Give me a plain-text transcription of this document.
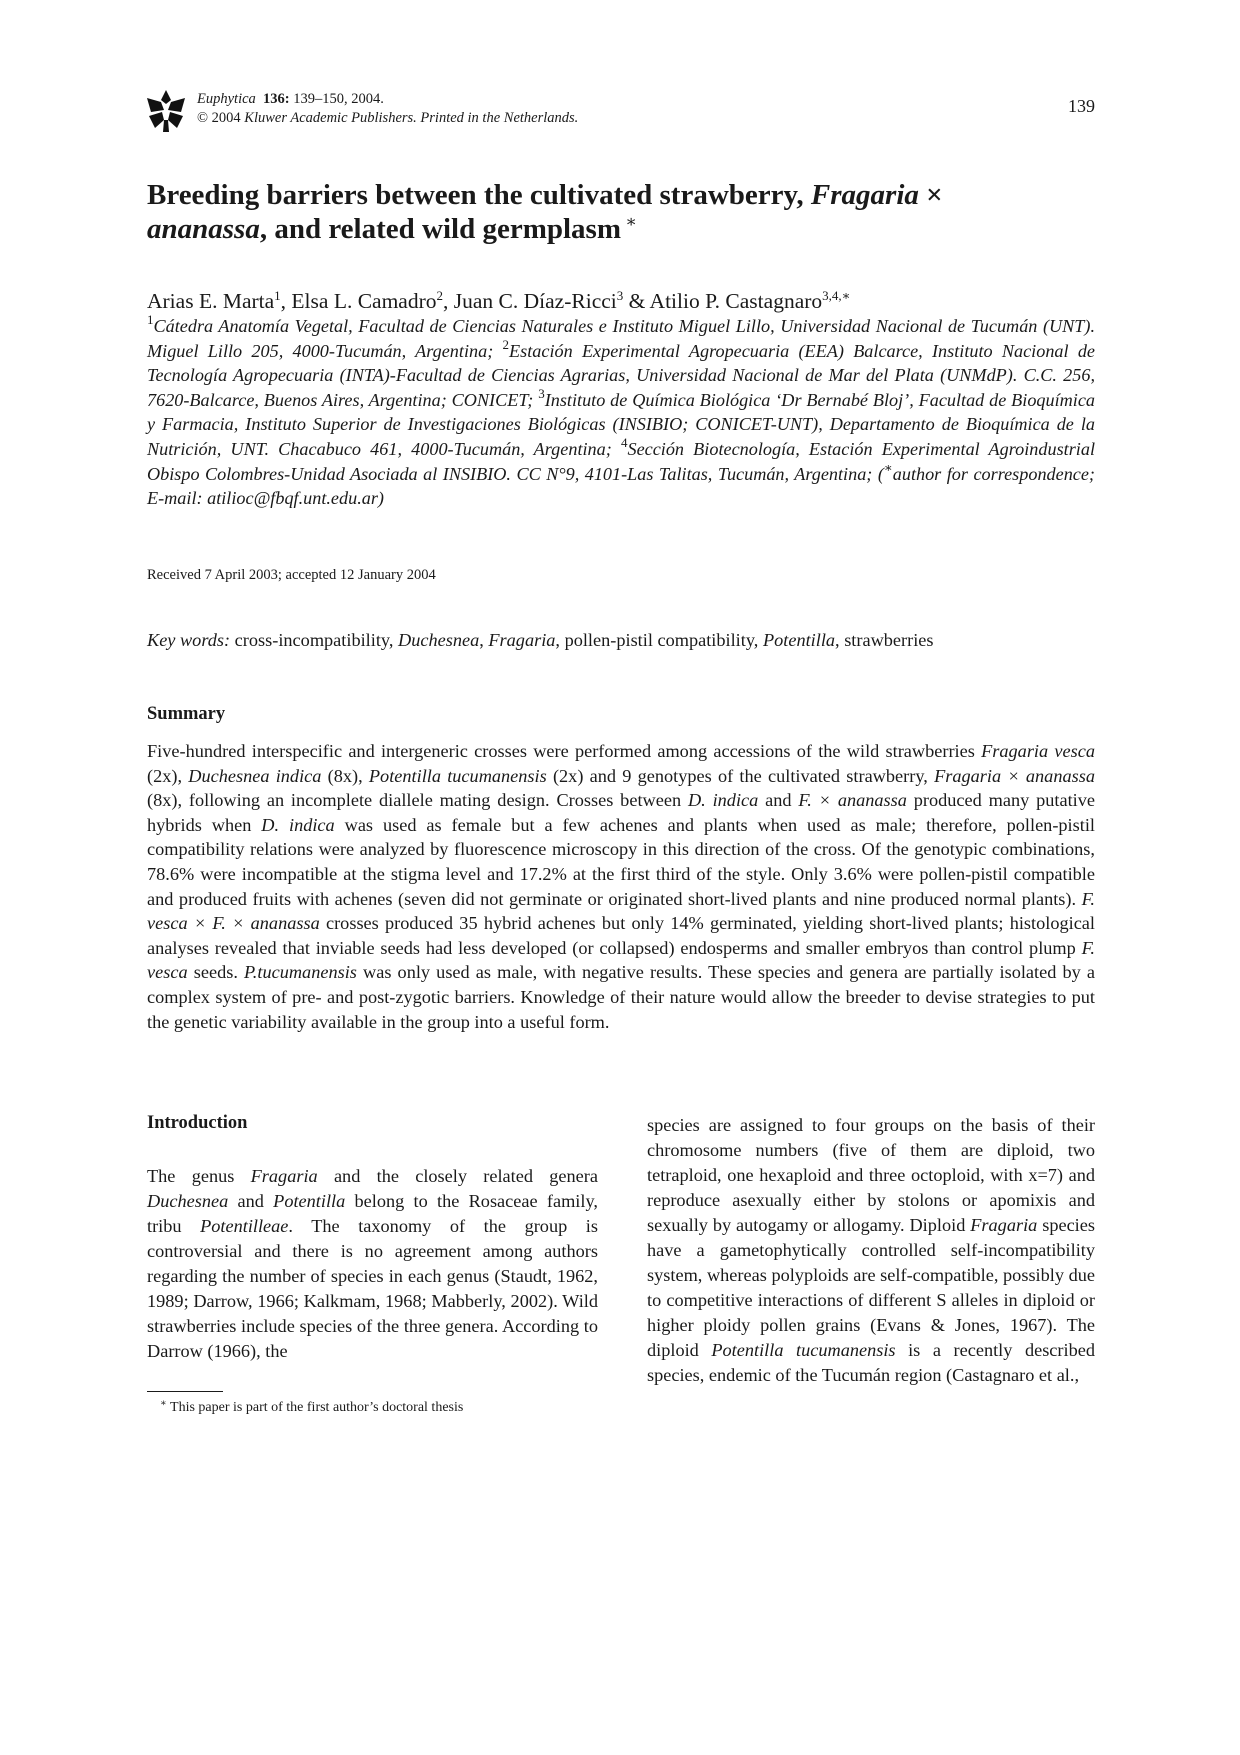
Euphytica 136: 139–150, 2004.
© 2004 Kluwer Academic Publishers. Printed in the Netherlands.
139
Breeding barriers between the cultivated strawberry, Fragaria ×
ananassa, and related wild germplasm ∗
Arias E. Marta$^1$, Elsa L. Camadro$^2$, Juan C. Díaz-Ricci$^3$ & Atilio P. Castagnaro$^{3,4,∗}$
$^1$Cátedra Anatomía Vegetal, Facultad de Ciencias Naturales e Instituto Miguel Lillo, Universidad Nacional de Tucumán (UNT). Miguel Lillo 205, 4000-Tucumán, Argentina; $^2$Estación Experimental Agropecuaria (EEA) Balcarce, Instituto Nacional de Tecnología Agropecuaria (INTA)-Facultad de Ciencias Agrarias, Universidad Nacional de Mar del Plata (UNMdP). C.C. 256, 7620-Balcarce, Buenos Aires, Argentina; CONICET; $^3$Instituto de Química Biológica ‘Dr Bernabé Bloj’, Facultad de Bioquímica y Farmacia, Instituto Superior de Investigaciones Biológicas (INSIBIO; CONICET-UNT), Departamento de Bioquímica de la Nutrición, UNT. Chacabuco 461, 4000-Tucumán, Argentina; $^4$Sección Biotecnología, Estación Experimental Agroindustrial Obispo Colombres-Unidad Asociada al INSIBIO. CC N°9, 4101-Las Talitas, Tucumán, Argentina; (∗author for correspondence; E-mail: atilioc@fbqf.unt.edu.ar)
Received 7 April 2003; accepted 12 January 2004
Key words: cross-incompatibility, Duchesnea, Fragaria, pollen-pistil compatibility, Potentilla, strawberries
Summary
Five-hundred interspecific and intergeneric crosses were performed among accessions of the wild strawberries Fragaria vesca (2x), Duchesnea indica (8x), Potentilla tucumanensis (2x) and 9 genotypes of the cultivated strawberry, Fragaria × ananassa (8x), following an incomplete diallele mating design. Crosses between D. indica and F. × ananassa produced many putative hybrids when D. indica was used as female but a few achenes and plants when used as male; therefore, pollen-pistil compatibility relations were analyzed by fluorescence microscopy in this direction of the cross. Of the genotypic combinations, 78.6% were incompatible at the stigma level and 17.2% at the first third of the style. Only 3.6% were pollen-pistil compatible and produced fruits with achenes (seven did not germinate or originated short-lived plants and nine produced normal plants). F. vesca × F. × ananassa crosses produced 35 hybrid achenes but only 14% germinated, yielding short-lived plants; histological analyses revealed that inviable seeds had less developed (or collapsed) endosperms and smaller embryos than control plump F. vesca seeds. P.tucumanensis was only used as male, with negative results. These species and genera are partially isolated by a complex system of pre- and post-zygotic barriers. Knowledge of their nature would allow the breeder to devise strategies to put the genetic variability available in the group into a useful form.
Introduction
The genus Fragaria and the closely related genera Duchesnea and Potentilla belong to the Rosaceae family, tribu Potentilleae. The taxonomy of the group is controversial and there is no agreement among authors regarding the number of species in each genus (Staudt, 1962, 1989; Darrow, 1966; Kalkmam, 1968; Mabberly, 2002). Wild strawberries include species of the three genera. According to Darrow (1966), the
species are assigned to four groups on the basis of their chromosome numbers (five of them are diploid, two tetraploid, one hexaploid and three octoploid, with x=7) and reproduce asexually either by stolons or apomixis and sexually by autogamy or allogamy. Diploid Fragaria species have a gametophytically controlled self-incompatibility system, whereas polyploids are self-compatible, possibly due to competitive interactions of different S alleles in diploid or higher ploidy pollen grains (Evans & Jones, 1967). The diploid Potentilla tucumanensis is a recently described species, endemic of the Tucumán region (Castagnaro et al.,
∗ This paper is part of the first author’s doctoral thesis
